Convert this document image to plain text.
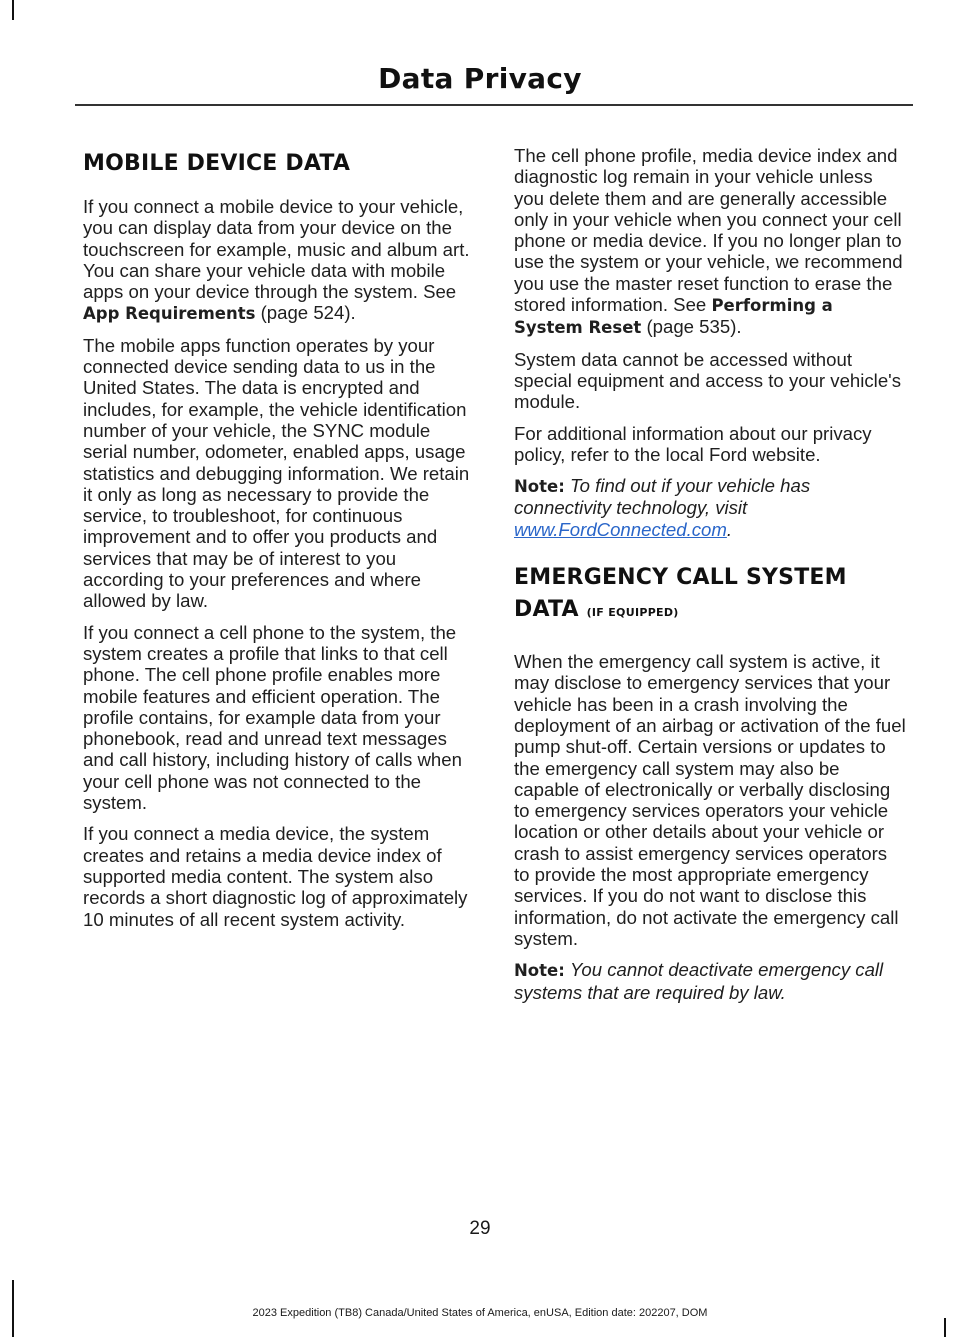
Data Privacy
MOBILE DEVICE DATA

If you connect a mobile device to your vehicle, you can display data from your device on the touchscreen for example, music and album art. You can share your vehicle data with mobile apps on your device through the system. See App Requirements (page 524).

The mobile apps function operates by your connected device sending data to us in the United States. The data is encrypted and includes, for example, the vehicle identification number of your vehicle, the SYNC module serial number, odometer, enabled apps, usage statistics and debugging information. We retain it only as long as necessary to provide the service, to troubleshoot, for continuous improvement and to offer you products and services that may be of interest to you according to your preferences and where allowed by law.

If you connect a cell phone to the system, the system creates a profile that links to that cell phone. The cell phone profile enables more mobile features and efficient operation. The profile contains, for example data from your phonebook, read and unread text messages and call history, including history of calls when your cell phone was not connected to the system.

If you connect a media device, the system creates and retains a media device index of supported media content. The system also records a short diagnostic log of approximately 10 minutes of all recent system activity.

The cell phone profile, media device index and diagnostic log remain in your vehicle unless you delete them and are generally accessible only in your vehicle when you connect your cell phone or media device. If you no longer plan to use the system or your vehicle, we recommend you use the master reset function to erase the stored information. See Performing a System Reset (page 535).

System data cannot be accessed without special equipment and access to your vehicle's module.

For additional information about our privacy policy, refer to the local Ford website.

Note: To find out if your vehicle has connectivity technology, visit www.FordConnected.com.

EMERGENCY CALL SYSTEM
DATA (IF EQUIPPED)

When the emergency call system is active, it may disclose to emergency services that your vehicle has been in a crash involving the deployment of an airbag or activation of the fuel pump shut-off. Certain versions or updates to the emergency call system may also be capable of electronically or verbally disclosing to emergency services operators your vehicle location or other details about your vehicle or crash to assist emergency services operators to provide the most appropriate emergency services. If you do not want to disclose this information, do not activate the emergency call system.

Note: You cannot deactivate emergency call systems that are required by law.

29
2023 Expedition (TB8) Canada/United States of America, enUSA, Edition date: 202207, DOM
